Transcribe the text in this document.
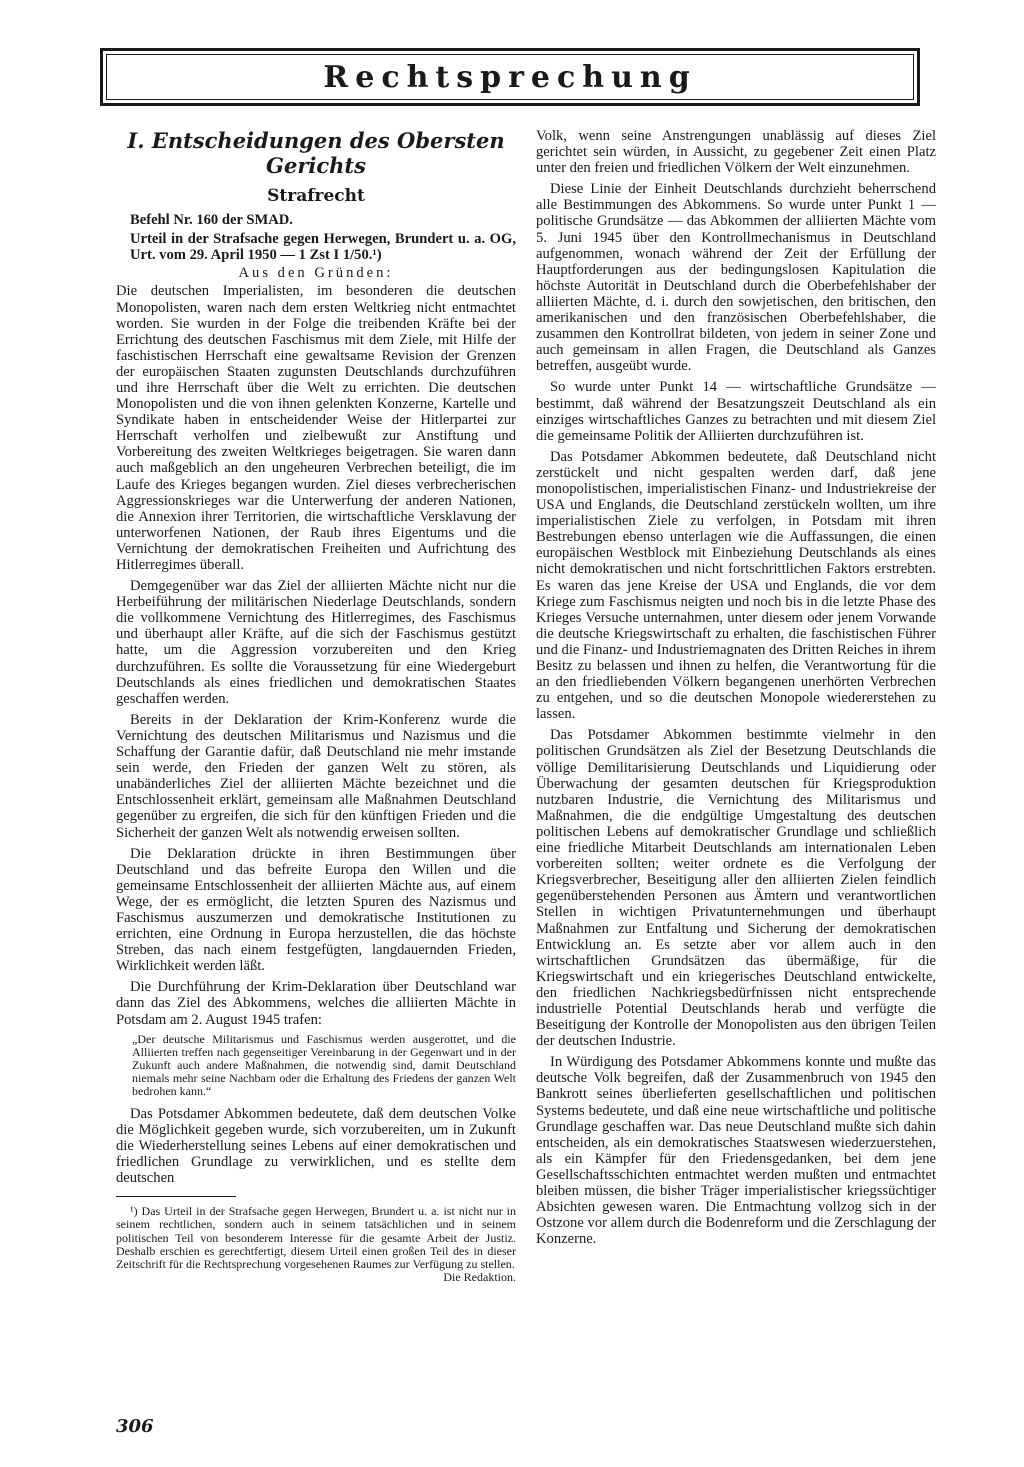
Rechtsprechung
I. Entscheidungen des Obersten Gerichts
Strafrecht
Befehl Nr. 160 der SMAD.
Urteil in der Strafsache gegen Herwegen, Brundert u. a. OG, Urt. vom 29. April 1950 — 1 Zst I 1/50.¹)
Aus den Gründen:

Die deutschen Imperialisten, im besonderen die deutschen Monopolisten, waren nach dem ersten Weltkrieg nicht entmachtet worden. Sie wurden in der Folge die treibenden Kräfte bei der Errichtung des deutschen Faschismus mit dem Ziele, mit Hilfe der faschistischen Herrschaft eine gewaltsame Revision der Grenzen der europäischen Staaten zugunsten Deutschlands durchzuführen und ihre Herrschaft über die Welt zu errichten. Die deutschen Monopolisten und die von ihnen gelenkten Konzerne, Kartelle und Syndikate haben in entscheidender Weise der Hitlerpartei zur Herrschaft verholfen und zielbewußt zur Anstiftung und Vorbereitung des zweiten Weltkrieges beigetragen. Sie waren dann auch maßgeblich an den ungeheuren Verbrechen beteiligt, die im Laufe des Krieges begangen wurden. Ziel dieses verbrecherischen Aggressionskrieges war die Unterwerfung der anderen Nationen, die Annexion ihrer Territorien, die wirtschaftliche Versklavung der unterworfenen Nationen, der Raub ihres Eigentums und die Vernichtung der demokratischen Freiheiten und Aufrichtung des Hitlerregimes überall.

Demgegenüber war das Ziel der alliierten Mächte nicht nur die Herbeiführung der militärischen Niederlage Deutschlands, sondern die vollkommene Vernichtung des Hitlerregimes, des Faschismus und überhaupt aller Kräfte, auf die sich der Faschismus gestützt hatte, um die Aggression vorzubereiten und den Krieg durchzuführen. Es sollte die Voraussetzung für eine Wiedergeburt Deutschlands als eines friedlichen und demokratischen Staates geschaffen werden.

Bereits in der Deklaration der Krim-Konferenz wurde die Vernichtung des deutschen Militarismus und Nazismus und die Schaffung der Garantie dafür, daß Deutschland nie mehr imstande sein werde, den Frieden der ganzen Welt zu stören, als unabänderliches Ziel der alliierten Mächte bezeichnet und die Entschlossenheit erklärt, gemeinsam alle Maßnahmen Deutschland gegenüber zu ergreifen, die sich für den künftigen Frieden und die Sicherheit der ganzen Welt als notwendig erweisen sollten.

Die Deklaration drückte in ihren Bestimmungen über Deutschland und das befreite Europa den Willen und die gemeinsame Entschlossenheit der alliierten Mächte aus, auf einem Wege, der es ermöglicht, die letzten Spuren des Nazismus und Faschismus auszumerzen und demokratische Institutionen zu errichten, eine Ordnung in Europa herzustellen, die das höchste Streben, das nach einem festgefügten, langdauernden Frieden, Wirklichkeit werden läßt.

Die Durchführung der Krim-Deklaration über Deutschland war dann das Ziel des Abkommens, welches die alliierten Mächte in Potsdam am 2. August 1945 trafen:

„Der deutsche Militarismus und Faschismus werden ausgerottet, und die Alliierten treffen nach gegenseitiger Vereinbarung in der Gegenwart und in der Zukunft auch andere Maßnahmen, die notwendig sind, damit Deutschland niemals mehr seine Nachbarn oder die Erhaltung des Friedens der ganzen Welt bedrohen kann.“

Das Potsdamer Abkommen bedeutete, daß dem deutschen Volke die Möglichkeit gegeben wurde, sich vorzubereiten, um in Zukunft die Wiederherstellung seines Lebens auf einer demokratischen und friedlichen Grundlage zu verwirklichen, und es stellte dem deutschen

¹) Das Urteil in der Strafsache gegen Herwegen, Brundert u. a. ist nicht nur in seinem rechtlichen, sondern auch in seinem tatsächlichen und in seinem politischen Teil von besonderem Interesse für die gesamte Arbeit der Justiz. Deshalb erschien es gerechtfertigt, diesem Urteil einen großen Teil des in dieser Zeitschrift für die Rechtsprechung vorgesehenen Raumes zur Verfügung zu stellen.
Die Redaktion.

Volk, wenn seine Anstrengungen unablässig auf dieses Ziel gerichtet sein würden, in Aussicht, zu gegebener Zeit einen Platz unter den freien und friedlichen Völkern der Welt einzunehmen.

Diese Linie der Einheit Deutschlands durchzieht beherrschend alle Bestimmungen des Abkommens. So wurde unter Punkt 1 — politische Grundsätze — das Abkommen der alliierten Mächte vom 5. Juni 1945 über den Kontrollmechanismus in Deutschland aufgenommen, wonach während der Zeit der Erfüllung der Hauptforderungen aus der bedingungslosen Kapitulation die höchste Autorität in Deutschland durch die Oberbefehlshaber der alliierten Mächte, d. i. durch den sowjetischen, den britischen, den amerikanischen und den französischen Oberbefehlshaber, die zusammen den Kontrollrat bildeten, von jedem in seiner Zone und auch gemeinsam in allen Fragen, die Deutschland als Ganzes betreffen, ausgeübt wurde.

So wurde unter Punkt 14 — wirtschaftliche Grundsätze — bestimmt, daß während der Besatzungszeit Deutschland als ein einziges wirtschaftliches Ganzes zu betrachten und mit diesem Ziel die gemeinsame Politik der Alliierten durchzuführen ist.

Das Potsdamer Abkommen bedeutete, daß Deutschland nicht zerstückelt und nicht gespalten werden darf, daß jene monopolistischen, imperialistischen Finanz- und Industriekreise der USA und Englands, die Deutschland zerstückeln wollten, um ihre imperialistischen Ziele zu verfolgen, in Potsdam mit ihren Bestrebungen ebenso unterlagen wie die Auffassungen, die einen europäischen Westblock mit Einbeziehung Deutschlands als eines nicht demokratischen und nicht fortschrittlichen Faktors erstrebten. Es waren das jene Kreise der USA und Englands, die vor dem Kriege zum Faschismus neigten und noch bis in die letzte Phase des Krieges Versuche unternahmen, unter diesem oder jenem Vorwande die deutsche Kriegswirtschaft zu erhalten, die faschistischen Führer und die Finanz- und Industriemagnaten des Dritten Reiches in ihrem Besitz zu belassen und ihnen zu helfen, die Verantwortung für die an den friedliebenden Völkern begangenen unerhörten Verbrechen zu entgehen, und so die deutschen Monopole wiedererstehen zu lassen.

Das Potsdamer Abkommen bestimmte vielmehr in den politischen Grundsätzen als Ziel der Besetzung Deutschlands die völlige Demilitarisierung Deutschlands und Liquidierung oder Überwachung der gesamten deutschen für Kriegsproduktion nutzbaren Industrie, die Vernichtung des Militarismus und Maßnahmen, die die endgültige Umgestaltung des deutschen politischen Lebens auf demokratischer Grundlage und schließlich eine friedliche Mitarbeit Deutschlands am internationalen Leben vorbereiten sollten; weiter ordnete es die Verfolgung der Kriegsverbrecher, Beseitigung aller den alliierten Zielen feindlich gegenüberstehenden Personen aus Ämtern und verantwortlichen Stellen in wichtigen Privatunternehmungen und überhaupt Maßnahmen zur Entfaltung und Sicherung der demokratischen Entwicklung an. Es setzte aber vor allem auch in den wirtschaftlichen Grundsätzen das übermäßige, für die Kriegswirtschaft und ein kriegerisches Deutschland entwickelte, den friedlichen Nachkriegsbedürfnissen nicht entsprechende industrielle Potential Deutschlands herab und verfügte die Beseitigung der Kontrolle der Monopolisten aus den übrigen Teilen der deutschen Industrie.

In Würdigung des Potsdamer Abkommens konnte und mußte das deutsche Volk begreifen, daß der Zusammenbruch von 1945 den Bankrott seines überlieferten gesellschaftlichen und politischen Systems bedeutete, und daß eine neue wirtschaftliche und politische Grundlage geschaffen war. Das neue Deutschland mußte sich dahin entscheiden, als ein demokratisches Staatswesen wiederzuerstehen, als ein Kämpfer für den Friedensgedanken, bei dem jene Gesellschaftsschichten entmachtet werden mußten und entmachtet bleiben müssen, die bisher Träger imperialistischer kriegssüchtiger Absichten gewesen waren. Die Entmachtung vollzog sich in der Ostzone vor allem durch die Bodenreform und die Zerschlagung der Konzerne.

306
